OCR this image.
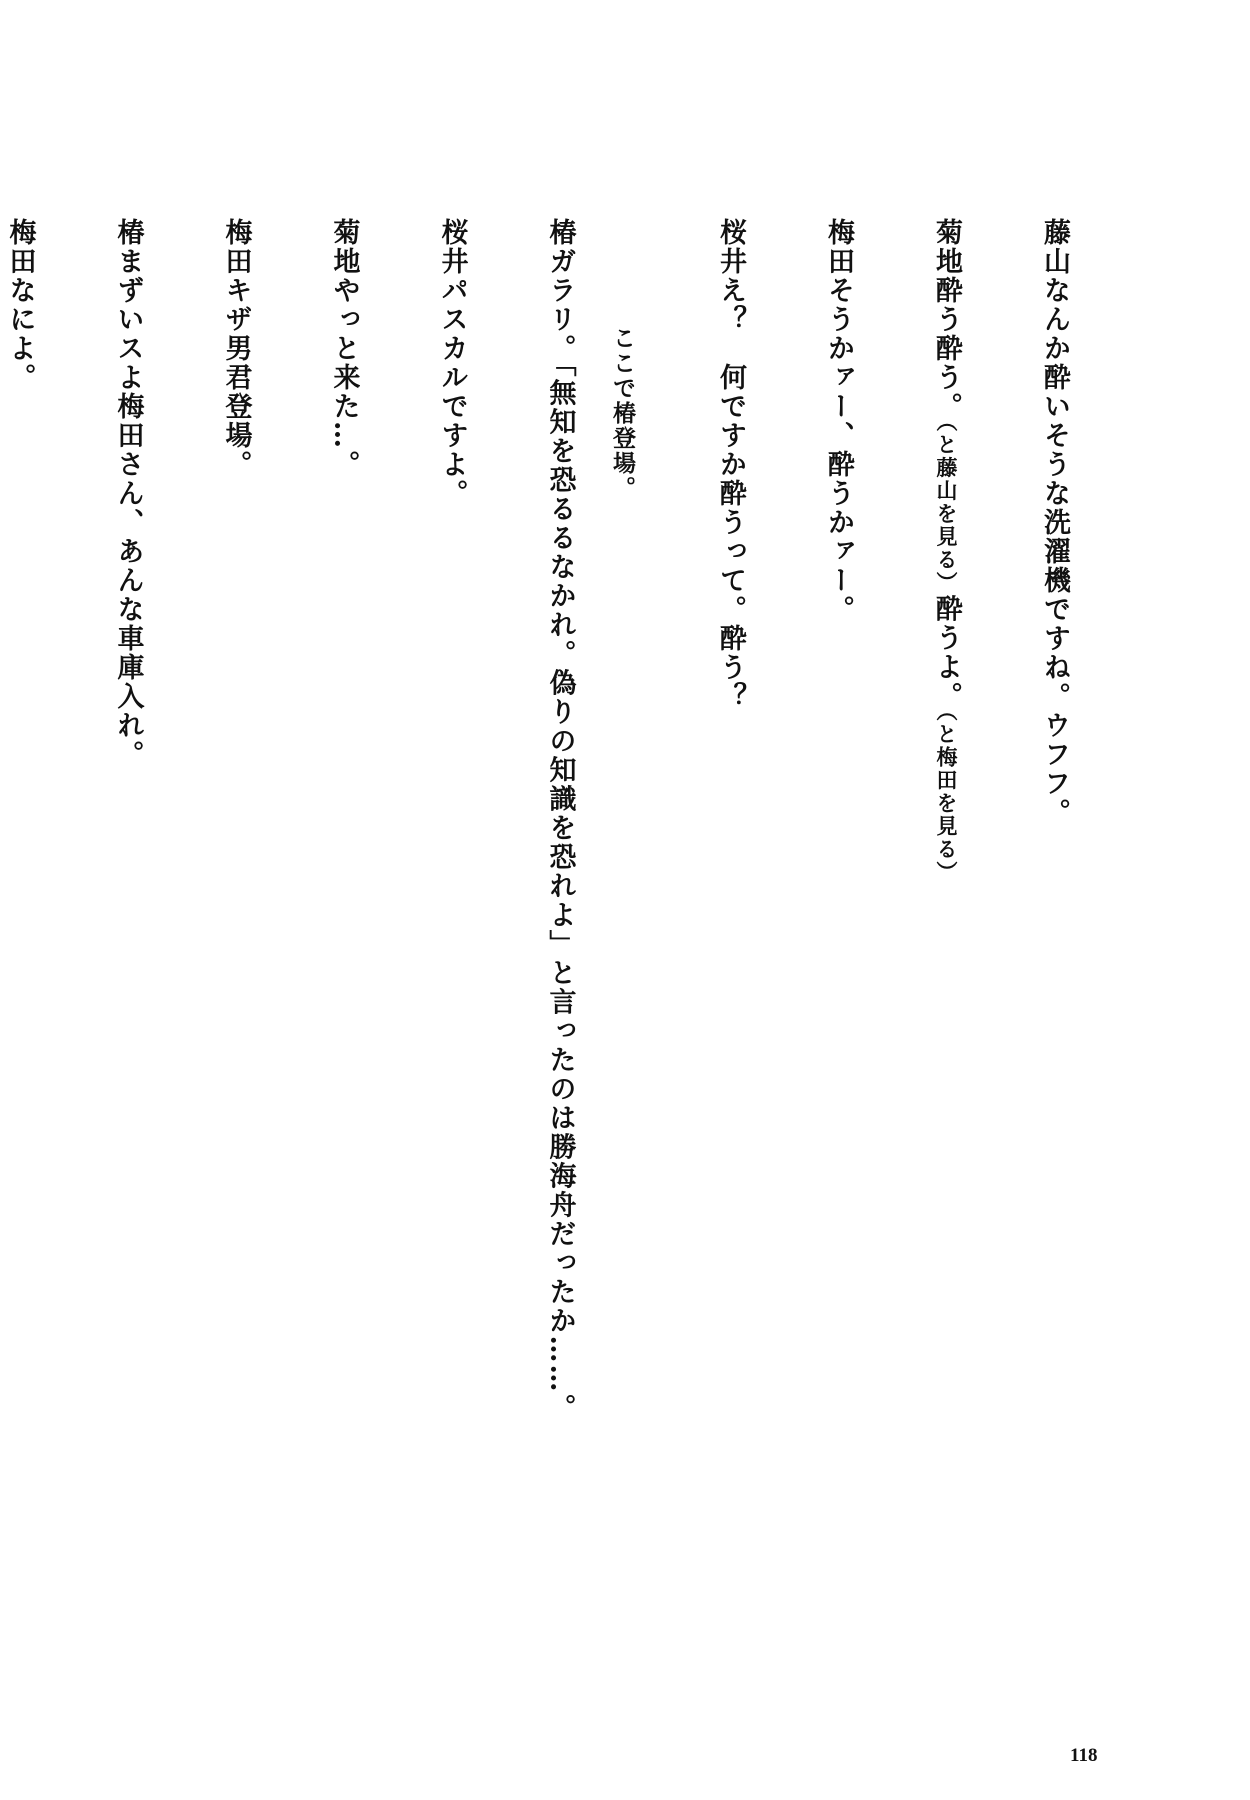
藤山なんか酔いそうな洗濯機ですね。ウフフ。
菊地酔う酔う。（と藤山を見る）酔うよ。（と梅田を見る）
梅田そうかァー、酔うかァー。
桜井え？　何ですか酔うって。酔う？
ここで椿登場。
椿ガラリ。「無知を恐るるなかれ。偽りの知識を恐れよ」と言ったのは勝海舟だったか……。
桜井パスカルですよ。
菊地やっと来た…。
梅田キザ男君登場。
椿まずいスよ梅田さん、あんな車庫入れ。
梅田なによ。
118
